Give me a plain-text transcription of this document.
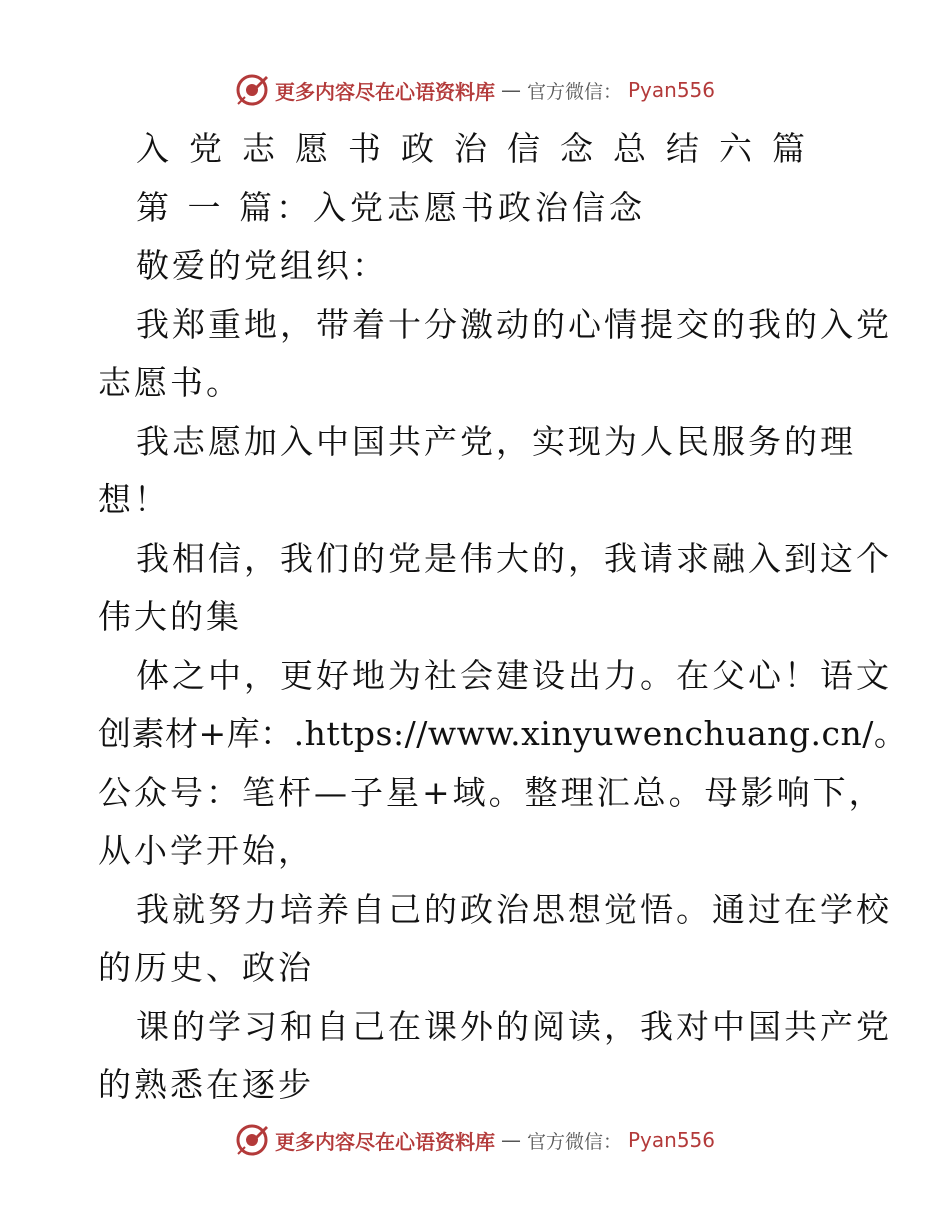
更多内容尽在心语资料库 — 官方微信： Pyan556
入党志愿书政治信念总结六篇
第 一 篇：入党志愿书政治信念
敬爱的党组织：
我郑重地，带着十分激动的心情提交的我的入党
志愿书。
我志愿加入中国共产党，实现为人民服务的理
想！
我相信，我们的党是伟大的，我请求融入到这个
伟大的集
体之中，更好地为社会建设出力。在父心！语文
创素材+库：.https://www.xinyuwenchuang.cn/。
公众号：笔杆—子星+域。整理汇总。母影响下，
从小学开始，
我就努力培养自己的政治思想觉悟。通过在学校
的历史、政治
课的学习和自己在课外的阅读，我对中国共产党
的熟悉在逐步
更多内容尽在心语资料库 — 官方微信： Pyan556
